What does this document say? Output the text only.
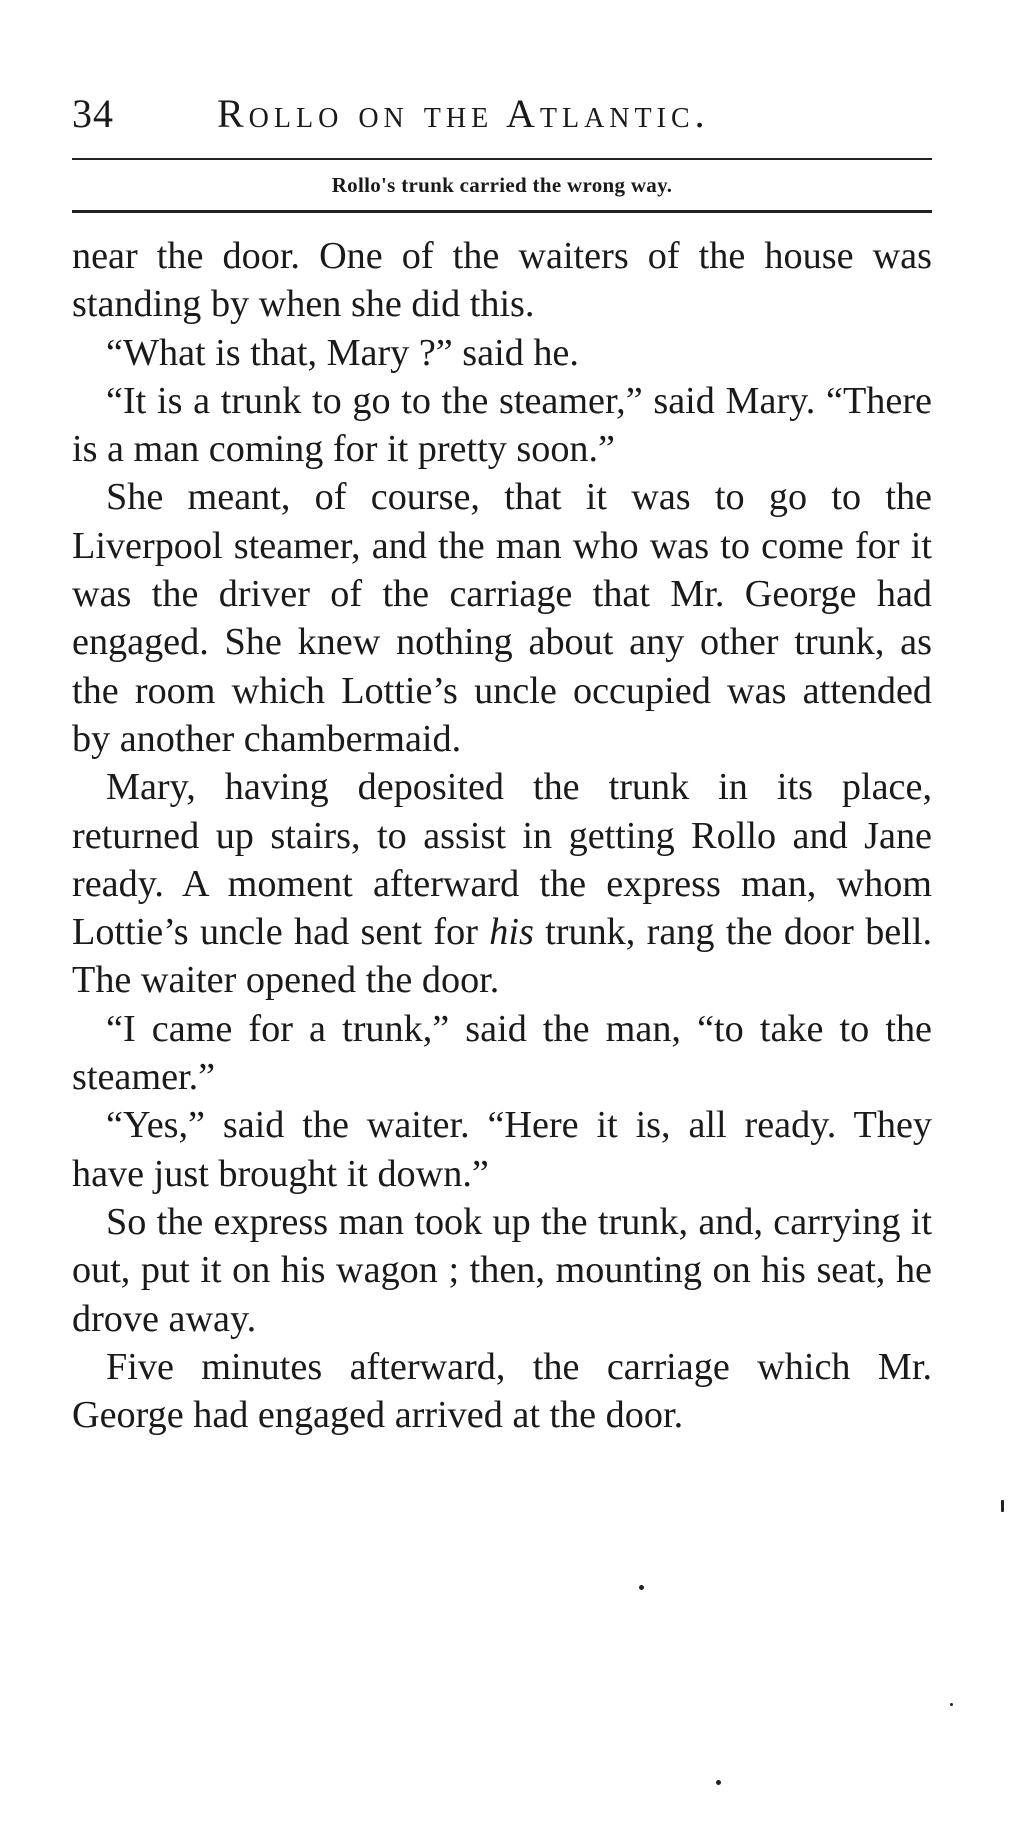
34	Rollo on the Atlantic.
Rollo's trunk carried the wrong way.

near the door. One of the waiters of the house was standing by when she did this.

“What is that, Mary ?” said he.

“It is a trunk to go to the steamer,” said Mary. “There is a man coming for it pretty soon.”

She meant, of course, that it was to go to the Liverpool steamer, and the man who was to come for it was the driver of the carriage that Mr. George had engaged. She knew nothing about any other trunk, as the room which Lottie’s uncle occupied was attended by another chambermaid.

Mary, having deposited the trunk in its place, returned up stairs, to assist in getting Rollo and Jane ready. A moment afterward the express man, whom Lottie’s uncle had sent for his trunk, rang the door bell. The waiter opened the door.

“I came for a trunk,” said the man, “to take to the steamer.”

“Yes,” said the waiter. “Here it is, all ready. They have just brought it down.”

So the express man took up the trunk, and, carrying it out, put it on his wagon ; then, mounting on his seat, he drove away.

Five minutes afterward, the carriage which Mr. George had engaged arrived at the door.
